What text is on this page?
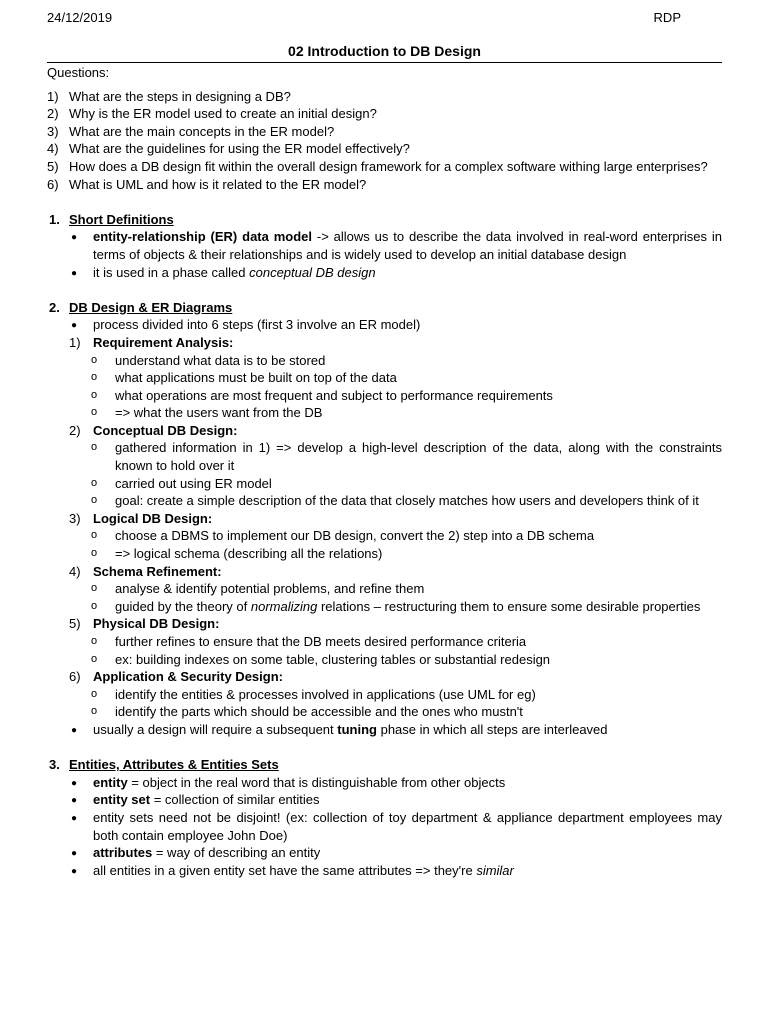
24/12/2019	RDP
02 Introduction to DB Design
Questions:
1) What are the steps in designing a DB?
2) Why is the ER model used to create an initial design?
3) What are the main concepts in the ER model?
4) What are the guidelines for using the ER model effectively?
5) How does a DB design fit within the overall design framework for a complex software withing large enterprises?
6) What is UML and how is it related to the ER model?
1. Short Definitions
● entity-relationship (ER) data model -> allows us to describe the data involved in real-word enterprises in terms of objects & their relationships and is widely used to develop an initial database design
● it is used in a phase called conceptual DB design
2. DB Design & ER Diagrams
● process divided into 6 steps (first 3 involve an ER model)
1) Requirement Analysis:
o understand what data is to be stored
o what applications must be built on top of the data
o what operations are most frequent and subject to performance requirements
o => what the users want from the DB
2) Conceptual DB Design:
o gathered information in 1) => develop a high-level description of the data, along with the constraints known to hold over it
o carried out using ER model
o goal: create a simple description of the data that closely matches how users and developers think of it
3) Logical DB Design:
o choose a DBMS to implement our DB design, convert the 2) step into a DB schema
o => logical schema (describing all the relations)
4) Schema Refinement:
o analyse & identify potential problems, and refine them
o guided by the theory of normalizing relations – restructuring them to ensure some desirable properties
5) Physical DB Design:
o further refines to ensure that the DB meets desired performance criteria
o ex: building indexes on some table, clustering tables or substantial redesign
6) Application & Security Design:
o identify the entities & processes involved in applications (use UML for eg)
o identify the parts which should be accessible and the ones who mustn't
● usually a design will require a subsequent tuning phase in which all steps are interleaved
3. Entities, Attributes & Entities Sets
● entity = object in the real word that is distinguishable from other objects
● entity set = collection of similar entities
● entity sets need not be disjoint! (ex: collection of toy department & appliance department employees may both contain employee John Doe)
● attributes = way of describing an entity
● all entities in a given entity set have the same attributes => they're similar
